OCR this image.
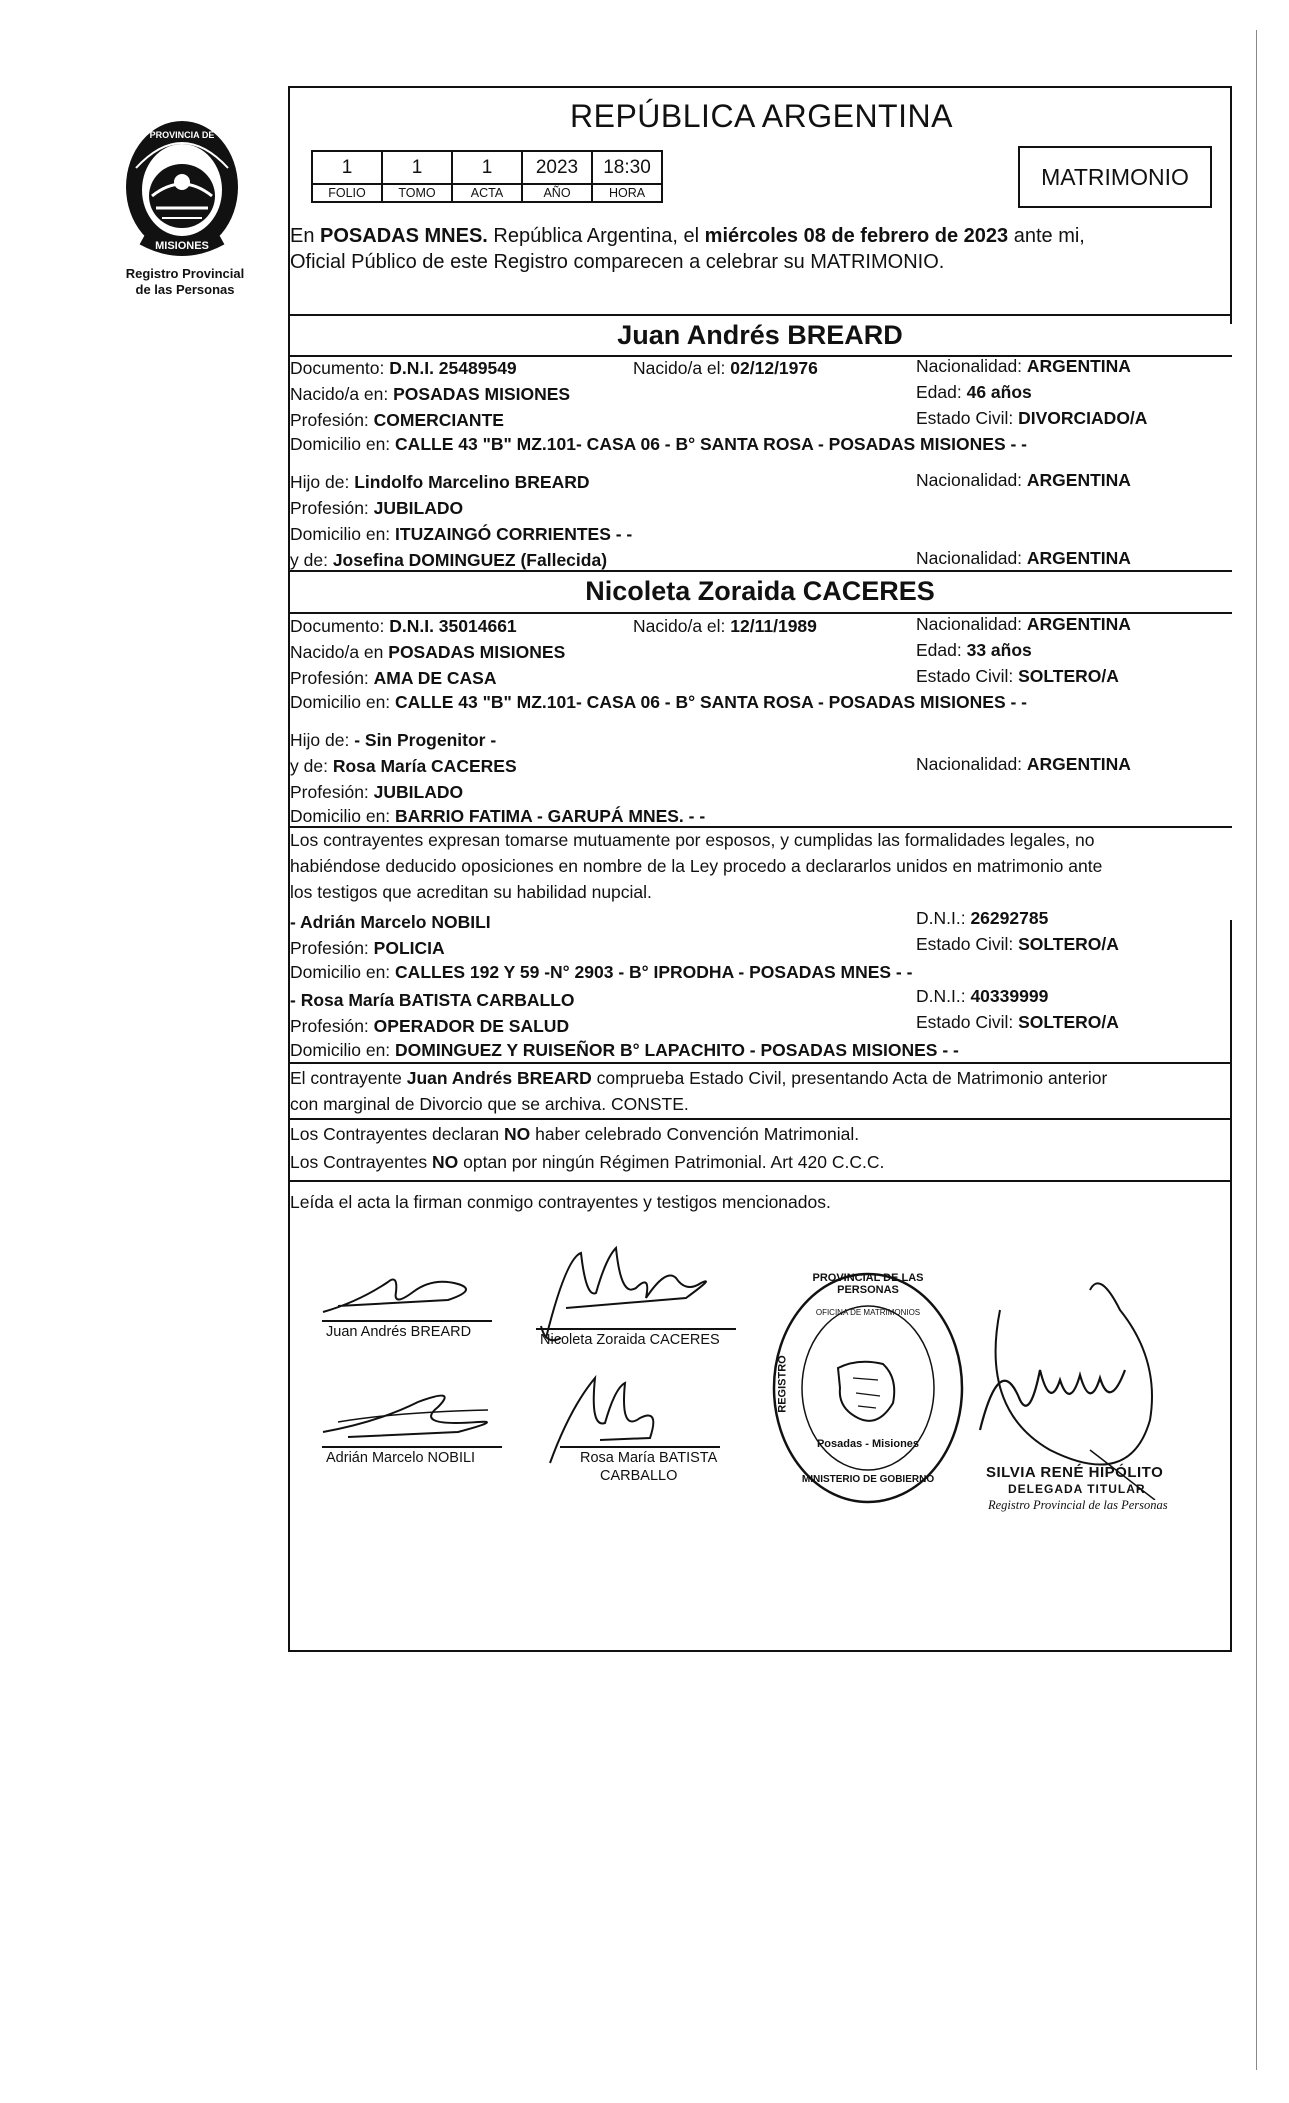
PROVINCIA DE
MISIONES
Registro Provincial
de las Personas
REPÚBLICA ARGENTINA
1	1	1	2023	18:30
FOLIO	TOMO	ACTA	AÑO	HORA
MATRIMONIO
En POSADAS MNES. República Argentina, el miércoles 08 de febrero de 2023 ante mi,
Oficial Público de este Registro comparecen a celebrar su MATRIMONIO.
Juan Andrés BREARD
Documento: D.N.I. 25489549	Nacido/a el: 02/12/1976	Nacionalidad: ARGENTINA
Nacido/a en: POSADAS MISIONES	Edad: 46 años
Profesión: COMERCIANTE	Estado Civil: DIVORCIADO/A
Domicilio en: CALLE 43 "B" MZ.101- CASA 06 - B° SANTA ROSA - POSADAS MISIONES - -
Hijo de: Lindolfo Marcelino BREARD	Nacionalidad: ARGENTINA
Profesión: JUBILADO
Domicilio en: ITUZAINGÓ CORRIENTES - -
y de: Josefina DOMINGUEZ (Fallecida)	Nacionalidad: ARGENTINA
Nicoleta Zoraida CACERES
Documento: D.N.I. 35014661	Nacido/a el: 12/11/1989	Nacionalidad: ARGENTINA
Nacido/a en POSADAS MISIONES	Edad: 33 años
Profesión: AMA DE CASA	Estado Civil: SOLTERO/A
Domicilio en: CALLE 43 "B" MZ.101- CASA 06 - B° SANTA ROSA - POSADAS MISIONES - -
Hijo de: - Sin Progenitor -
y de: Rosa María CACERES	Nacionalidad: ARGENTINA
Profesión: JUBILADO
Domicilio en: BARRIO FATIMA - GARUPÁ MNES. - -
Los contrayentes expresan tomarse mutuamente por esposos, y cumplidas las formalidades legales, no
habiéndose deducido oposiciones en nombre de la Ley procedo a declararlos unidos en matrimonio ante
los testigos que acreditan su habilidad nupcial.
- Adrián Marcelo NOBILI	D.N.I.: 26292785
Profesión: POLICIA	Estado Civil: SOLTERO/A
Domicilio en: CALLES 192 Y 59 -N° 2903 - B° IPRODHA - POSADAS MNES - -
- Rosa María BATISTA CARBALLO	D.N.I.: 40339999
Profesión: OPERADOR DE SALUD	Estado Civil: SOLTERO/A
Domicilio en: DOMINGUEZ Y RUISEÑOR B° LAPACHITO - POSADAS MISIONES - -
El contrayente Juan Andrés BREARD comprueba Estado Civil, presentando Acta de Matrimonio anterior
con marginal de Divorcio que se archiva. CONSTE.
Los Contrayentes declaran NO haber celebrado Convención Matrimonial.
Los Contrayentes NO optan por ningún Régimen Patrimonial. Art 420 C.C.C.
Leída el acta la firman conmigo contrayentes y testigos mencionados.
Juan Andrés BREARD	Nicoleta Zoraida CACERES
Adrián Marcelo NOBILI	Rosa María BATISTA
CARBALLO
PROVINCIAL DE LAS PERSONAS
OFICINA DE MATRIMONIOS
REGISTRO
Posadas - Misiones
MINISTERIO DE GOBIERNO	SILVIA RENÉ HIPÓLITO
DELEGADA TITULAR
Registro Provincial de las Personas
